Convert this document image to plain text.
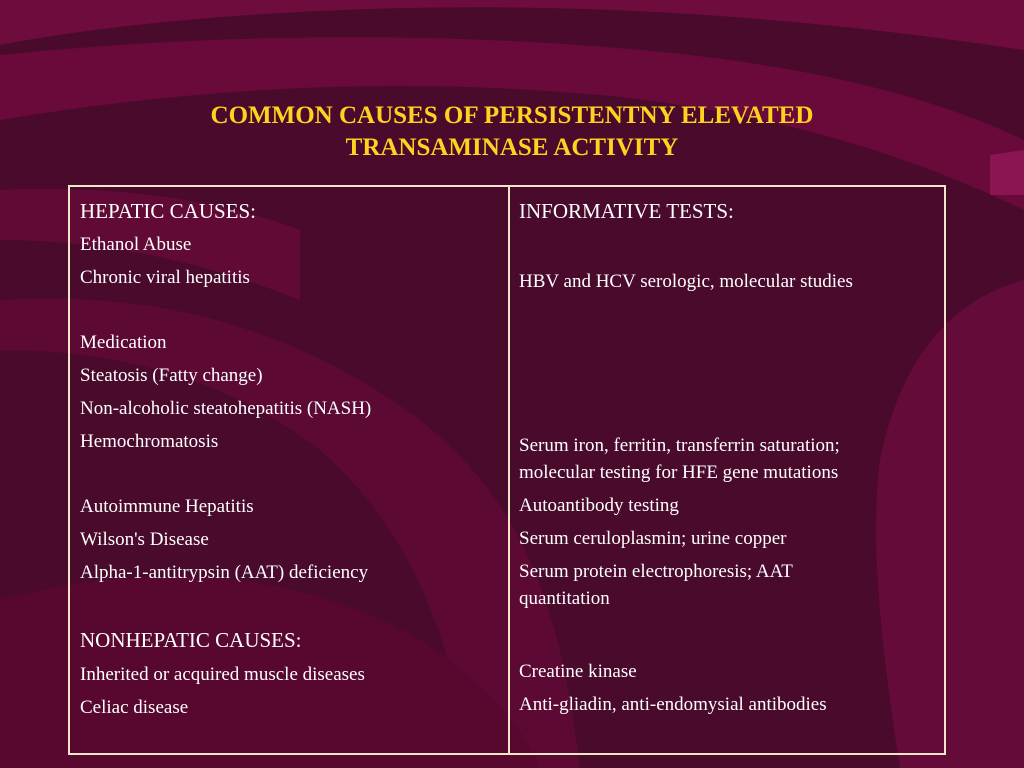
COMMON CAUSES OF PERSISTENTNY ELEVATED
TRANSAMINASE ACTIVITY
HEPATIC CAUSES:
Ethanol Abuse
Chronic viral hepatitis
Medication
Steatosis (Fatty change)
Non-alcoholic steatohepatitis (NASH)
Hemochromatosis
Autoimmune Hepatitis
Wilson's Disease
Alpha-1-antitrypsin (AAT) deficiency
NONHEPATIC CAUSES:
Inherited or acquired muscle diseases
Celiac disease
INFORMATIVE TESTS:
HBV and HCV serologic, molecular studies
Serum iron, ferritin, transferrin saturation;
molecular testing for HFE gene mutations
Autoantibody testing
Serum ceruloplasmin; urine copper
Serum protein electrophoresis; AAT
quantitation
Creatine kinase
Anti-gliadin, anti-endomysial antibodies
